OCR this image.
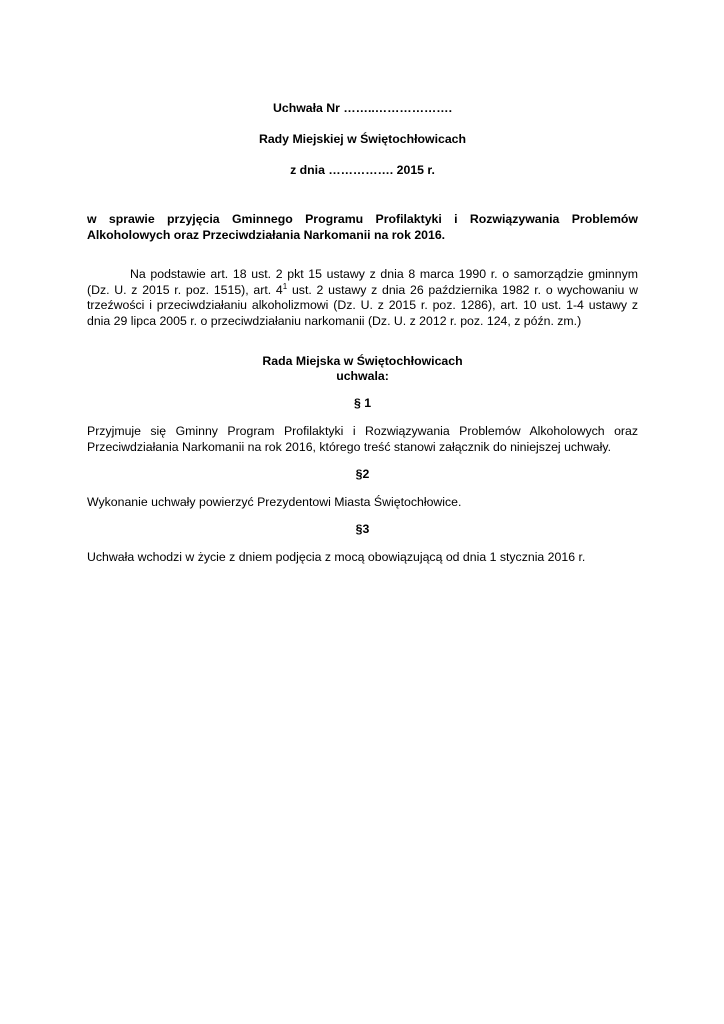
Uchwała Nr ……..……………….

Rady Miejskiej w Świętochłowicach

z dnia ……………. 2015 r.

w sprawie przyjęcia Gminnego Programu Profilaktyki i Rozwiązywania Problemów Alkoholowych oraz Przeciwdziałania Narkomanii na rok 2016.

Na podstawie art. 18 ust. 2 pkt 15 ustawy z dnia 8 marca 1990 r. o samorządzie gminnym (Dz. U. z 2015 r. poz. 1515), art. $4^1$ ust. 2 ustawy z dnia 26 października 1982 r. o wychowaniu w trzeźwości i przeciwdziałaniu alkoholizmowi (Dz. U. z 2015 r. poz. 1286), art. 10 ust. 1-4 ustawy z dnia 29 lipca 2005 r. o przeciwdziałaniu narkomanii (Dz. U. z 2012 r. poz. 124, z późn. zm.)

Rada Miejska w Świętochłowicach

uchwala:

§ 1

Przyjmuje się Gminny Program Profilaktyki i Rozwiązywania Problemów Alkoholowych oraz Przeciwdziałania Narkomanii na rok 2016, którego treść stanowi załącznik do niniejszej uchwały.

§2

Wykonanie uchwały powierzyć Prezydentowi Miasta Świętochłowice.

§3

Uchwała wchodzi w życie z dniem podjęcia z mocą obowiązującą od dnia 1 stycznia 2016 r.
